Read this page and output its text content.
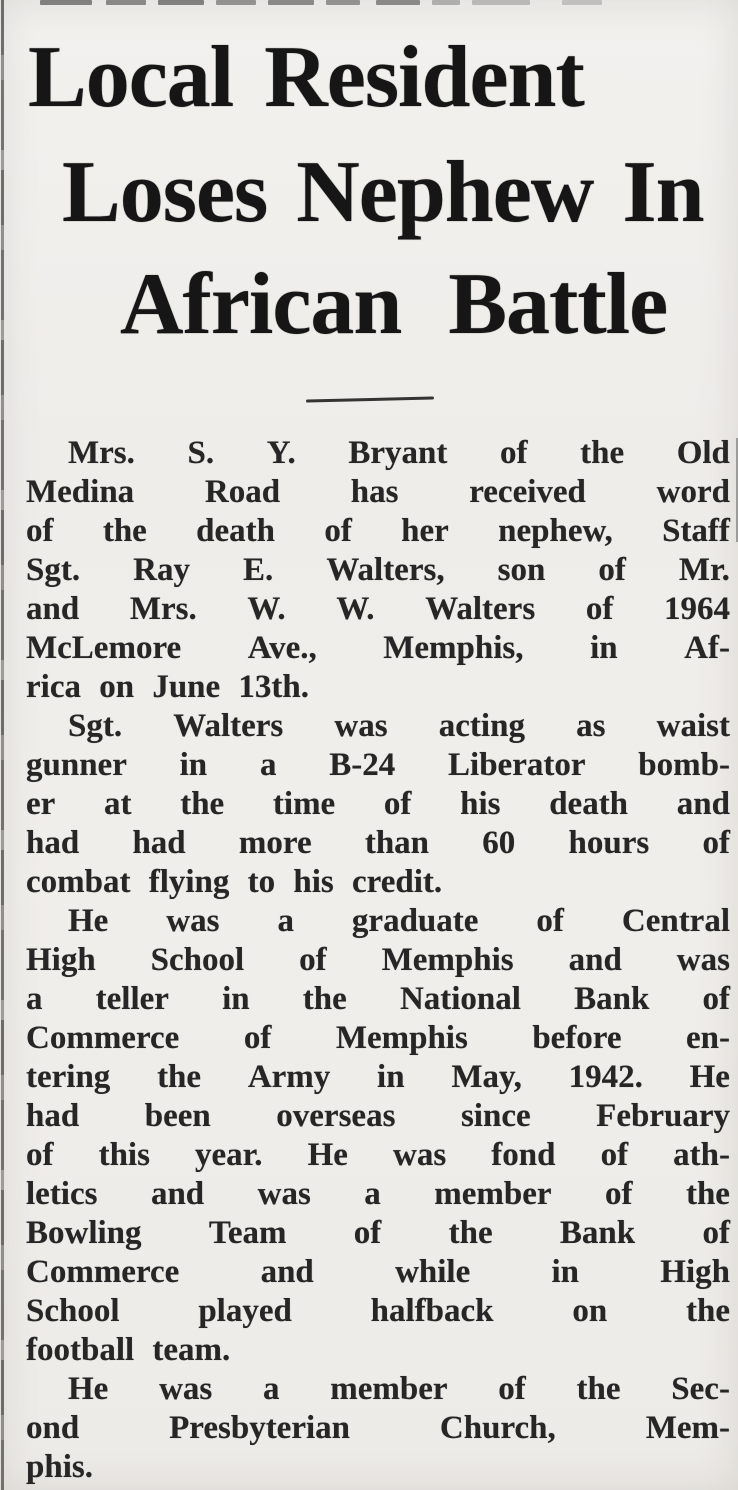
Local Resident
Loses Nephew In
African Battle
Mrs. S. Y. Bryant of the Old
Medina Road has received word
of the death of her nephew, Staff
Sgt. Ray E. Walters, son of Mr.
and Mrs. W. W. Walters of 1964
McLemore Ave., Memphis, in Af-
rica on June 13th.
Sgt. Walters was acting as waist
gunner in a B-24 Liberator bomb-
er at the time of his death and
had had more than 60 hours of
combat flying to his credit.
He was a graduate of Central
High School of Memphis and was
a teller in the National Bank of
Commerce of Memphis before en-
tering the Army in May, 1942. He
had been overseas since February
of this year. He was fond of ath-
letics and was a member of the
Bowling Team of the Bank of
Commerce and while in High
School played halfback on the
football team.
He was a member of the Sec-
ond	Presbyterian	Church,	Mem-
phis.
